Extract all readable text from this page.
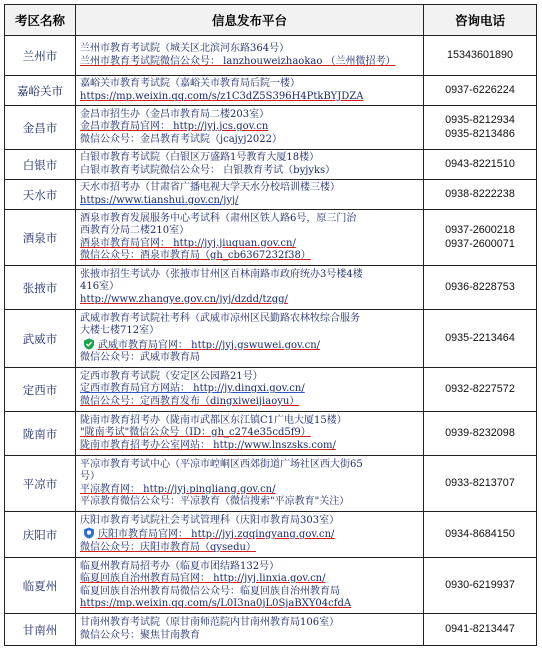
考区名称	信息发布平台	咨询电话
兰州市	兰州市教育考试院（城关区北滨河东路364号）
兰州市教育考试院微信公众号： lanzhouweizhaokao （兰州微招考）	15343601890

嘉峪关市	嘉峪关市教育考试院（嘉峪关市教育局后院一楼）
https://mp.weixin.qq.com/s/z1C3dZ5S396H4PtkBYJDZA	0937-6226224

金昌市	金昌市招生办（金昌市教育局二楼203室）
金昌市教育局官网： http://jyj.jcs.gov.cn
微信公众号：金昌教育考试院（jcajyj2022）	0935-8212934
0935-8213486

白银市	白银市教育考试院（白银区万盛路1号教育大厦18楼）
白银市教育考试院微信公众号： 白银教育考试（byjyks）	0943-8221510

天水市	天水市招考办（甘肃省广播电视大学天水分校培训楼三楼）
https://www.tianshui.gov.cn/jyj/	0938-8222238

酒泉市	酒泉市教育发展服务中心考试科（肃州区铁人路6号，原三门治
西教育分局二楼210室）
酒泉市教育局官网： http://jyj.jiuquan.gov.cn/
微信公众号：酒泉市教育局（gh_cb6367232f38）	0937-2600218
0937-2600071

张掖市	张掖市招生考试办（张掖市甘州区百林南路市政府统办3号楼4楼
416室）
http://www.zhangye.gov.cn/jyj/dzdd/tzgg/	0936-8228753

武威市	武威市教育考试院社考科（武威市凉州区民勤路农林牧综合服务
大楼七楼712室）
武威市教育局官网： http://jyj.gswuwei.gov.cn/
微信公众号：武威市教育局	0935-2213464

定西市	定西市教育考试院（安定区公园路21号）
定西市教育局官方网站： http://jy.dingxi.gov.cn/
微信公众号：定西教育发布（dingxiweijiaoyu）	0932-8227572

陇南市	陇南市教育招考办（陇南市武都区东江镇C1广电大厦15楼）
"陇南考试"微信公众号（ID：gh_c274e35cd5f9）
陇南市教育招考办公室网站： http://www.lnszsks.com/	0939-8232098

平凉市	平凉市教育考试中心（平凉市崆峒区西郊街道广场社区西大街65
号）
平凉教育网： http://jyj.pingliang.gov.cn/
平凉教育微信公众号：平凉教育（微信搜索"平凉教育"关注）	0933-8213707

庆阳市	庆阳市教育考试院社会考试管理科（庆阳市教育局303室）
庆阳市教育局官网： http://jyj.zgqingyang.gov.cn/
微信公众号：庆阳市教育局（qysedu）	0934-8684150

临夏州	临夏州教育局招考办（临夏市团结路132号）
临夏回族自治州教育局官网： http://jyj.linxia.gov.cn/
临夏回族自治州教育局微信公众号：临夏回族自治州教育局
https://mp.weixin.qq.com/s/L0I3na0jL0SjaBXY04cfdA	0930-6219937

甘南州	甘南州教育考试院（原甘南师范院内甘南州教育局106室）
微信公众号：聚焦甘南教育	0941-8213447
